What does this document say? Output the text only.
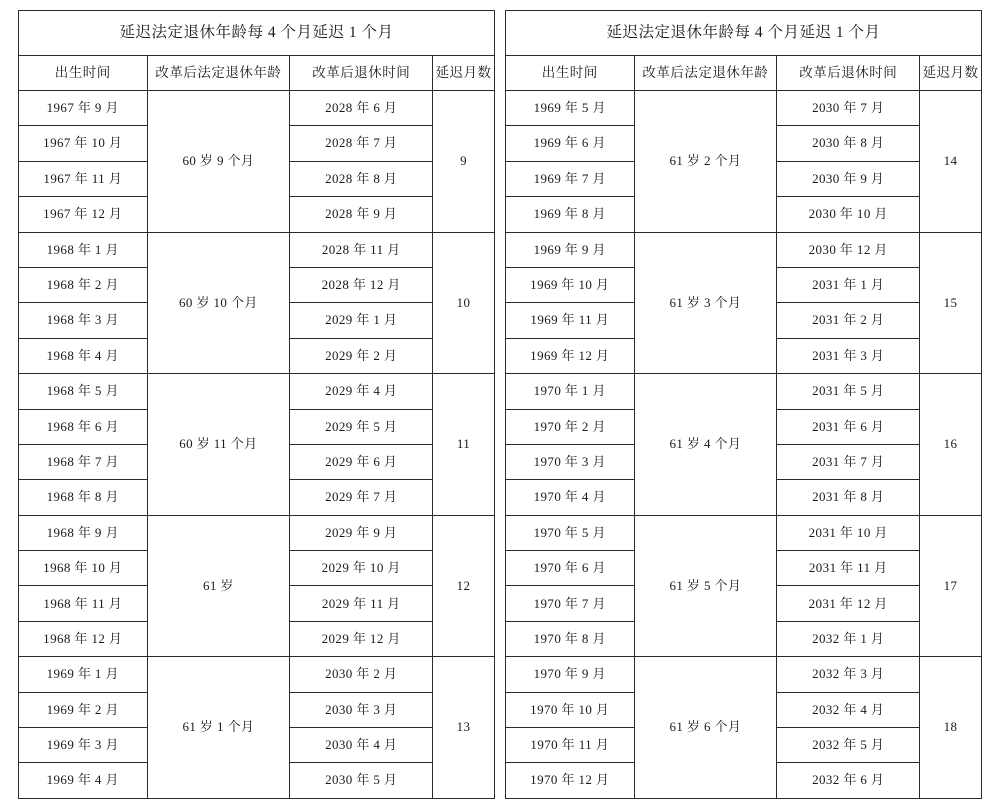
延迟法定退休年龄每 4 个月延迟 1 个月			
出生时间	改革后法定退休年龄	改革后退休时间	延迟月数
1967 年 9 月	60 岁 9 个月	2028 年 6 月	9
1967 年 10 月		2028 年 7 月	
1967 年 11 月		2028 年 8 月	
1967 年 12 月		2028 年 9 月	
1968 年 1 月	60 岁 10 个月	2028 年 11 月	10
1968 年 2 月		2028 年 12 月	
1968 年 3 月		2029 年 1 月	
1968 年 4 月		2029 年 2 月	
1968 年 5 月	60 岁 11 个月	2029 年 4 月	11
1968 年 6 月		2029 年 5 月	
1968 年 7 月		2029 年 6 月	
1968 年 8 月		2029 年 7 月	
1968 年 9 月	61 岁	2029 年 9 月	12
1968 年 10 月		2029 年 10 月	
1968 年 11 月		2029 年 11 月	
1968 年 12 月		2029 年 12 月	
1969 年 1 月	61 岁 1 个月	2030 年 2 月	13
1969 年 2 月		2030 年 3 月	
1969 年 3 月		2030 年 4 月	
1969 年 4 月		2030 年 5 月	
延迟法定退休年龄每 4 个月延迟 1 个月			
出生时间	改革后法定退休年龄	改革后退休时间	延迟月数
1969 年 5 月	61 岁 2 个月	2030 年 7 月	14
1969 年 6 月		2030 年 8 月	
1969 年 7 月		2030 年 9 月	
1969 年 8 月		2030 年 10 月	
1969 年 9 月	61 岁 3 个月	2030 年 12 月	15
1969 年 10 月		2031 年 1 月	
1969 年 11 月		2031 年 2 月	
1969 年 12 月		2031 年 3 月	
1970 年 1 月	61 岁 4 个月	2031 年 5 月	16
1970 年 2 月		2031 年 6 月	
1970 年 3 月		2031 年 7 月	
1970 年 4 月		2031 年 8 月	
1970 年 5 月	61 岁 5 个月	2031 年 10 月	17
1970 年 6 月		2031 年 11 月	
1970 年 7 月		2031 年 12 月	
1970 年 8 月		2032 年 1 月	
1970 年 9 月	61 岁 6 个月	2032 年 3 月	18
1970 年 10 月		2032 年 4 月	
1970 年 11 月		2032 年 5 月	
1970 年 12 月		2032 年 6 月	
